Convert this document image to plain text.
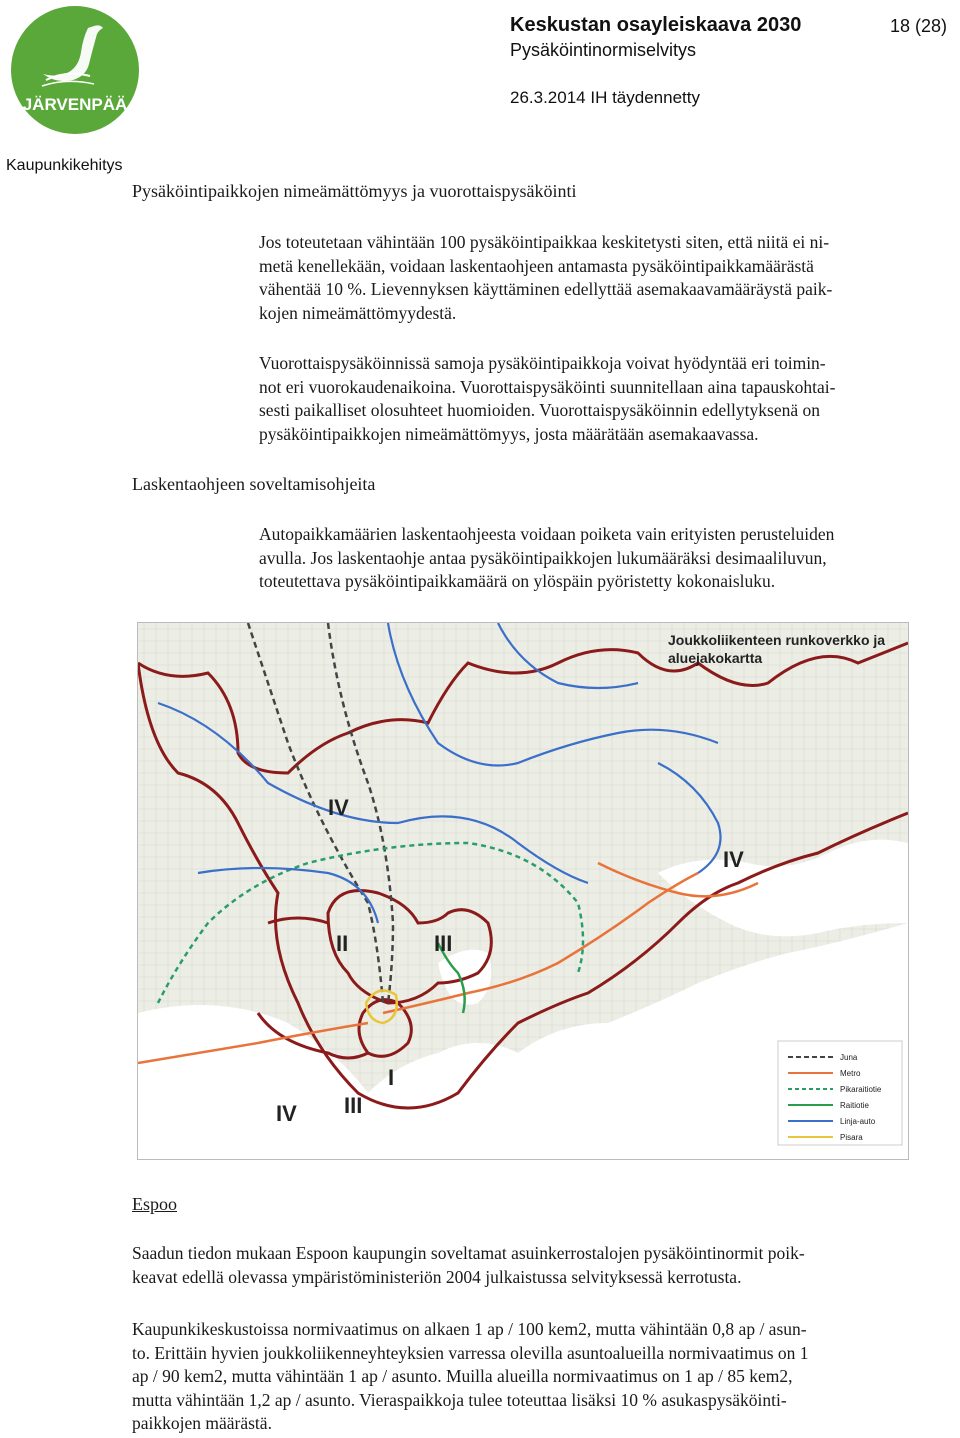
JÄRVENPÄÄ
Keskustan osayleiskaava 2030
Pysäköintinormiselvitys
18 (28)
26.3.2014 IH täydennetty
Kaupunkikehitys
Pysäköintipaikkojen nimeämättömyys ja vuorottaispysäköinti
Jos toteutetaan vähintään 100 pysäköintipaikkaa keskitetysti siten, että niitä ei ni-
metä kenellekään, voidaan laskentaohjeen antamasta pysäköintipaikkamäärästä
vähentää 10 %. Lievennyksen käyttäminen edellyttää asemakaavamääräystä paik-
kojen nimeämättömyydestä.
Vuorottaispysäköinnissä samoja pysäköintipaikkoja voivat hyödyntää eri toimin-
not eri vuorokaudenaikoina. Vuorottaispysäköinti suunnitellaan aina tapauskohtai-
sesti paikalliset olosuhteet huomioiden. Vuorottaispysäköinnin edellytyksenä on
pysäköintipaikkojen nimeämättömyys, josta määrätään asemakaavassa.
Laskentaohjeen soveltamisohjeita
Autopaikkamäärien laskentaohjeesta voidaan poiketa vain erityisten perusteluiden
avulla. Jos laskentaohje antaa pysäköintipaikkojen lukumääräksi desimaaliluvun,
toteutettava pysäköintipaikkamäärä on ylöspäin pyöristetty kokonaisluku.
Joukkoliikenteen runkoverkko ja
aluejakokartta
IV
IV
II	III
I
III
IV
Juna
Metro
Pikaraitiotie
Raitiotie
Linja-auto
Pisara
Espoo
Saadun tiedon mukaan Espoon kaupungin soveltamat asuinkerrostalojen pysäköintinormit poik-
keavat edellä olevassa ympäristöministeriön 2004 julkaistussa selvityksessä kerrotusta.
Kaupunkikeskustoissa normivaatimus on alkaen 1 ap / 100 kem2, mutta vähintään 0,8 ap / asun-
to. Erittäin hyvien joukkoliikenneyhteyksien varressa olevilla asuntoalueilla normivaatimus on 1
ap / 90 kem2, mutta vähintään 1 ap / asunto. Muilla alueilla normivaatimus on 1 ap / 85 kem2,
mutta vähintään 1,2 ap / asunto. Vieraspaikkoja tulee toteuttaa lisäksi 10 % asukaspysäköinti-
paikkojen määrästä.
